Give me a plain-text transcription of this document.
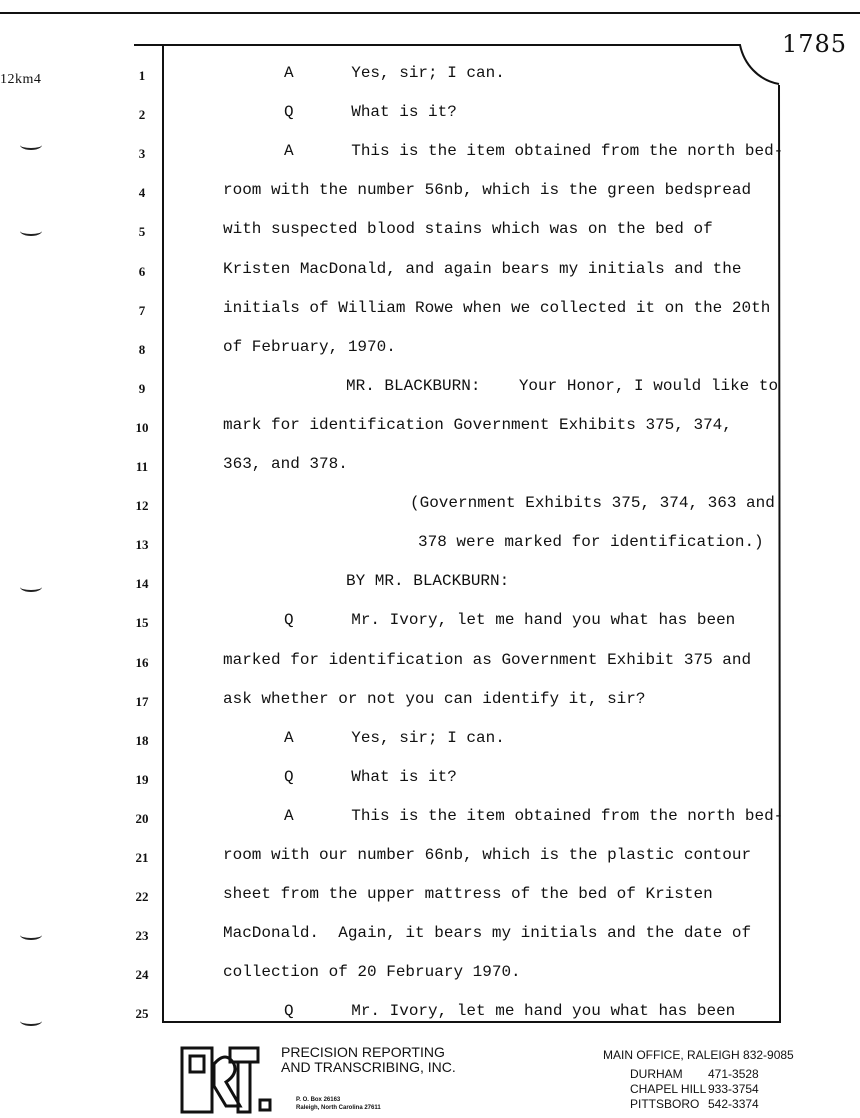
12km4
1785
1	A      Yes, sir; I can.
2	Q      What is it?
3	A      This is the item obtained from the north bed-
4	room with the number 56nb, which is the green bedspread
5	with suspected blood stains which was on the bed of
6	Kristen MacDonald, and again bears my initials and the
7	initials of William Rowe when we collected it on the 20th
8	of February, 1970.
9	MR. BLACKBURN:    Your Honor, I would like to
10	mark for identification Government Exhibits 375, 374,
11	363, and 378.
12	(Government Exhibits 375, 374, 363 and
13	378 were marked for identification.)
14	BY MR. BLACKBURN:
15	Q      Mr. Ivory, let me hand you what has been
16	marked for identification as Government Exhibit 375 and
17	ask whether or not you can identify it, sir?
18	A      Yes, sir; I can.
19	Q      What is it?
20	A      This is the item obtained from the north bed-
21	room with our number 66nb, which is the plastic contour
22	sheet from the upper mattress of the bed of Kristen
23	MacDonald.  Again, it bears my initials and the date of
24	collection of 20 February 1970.
25	Q      Mr. Ivory, let me hand you what has been
PRECISION REPORTING
AND TRANSCRIBING, INC.
P. O. Box 26163
Raleigh, North Carolina 27611
MAIN OFFICE, RALEIGH 832-9085
DURHAM	471-3528
CHAPEL HILL 933-3754
PITTSBORO 542-3374
